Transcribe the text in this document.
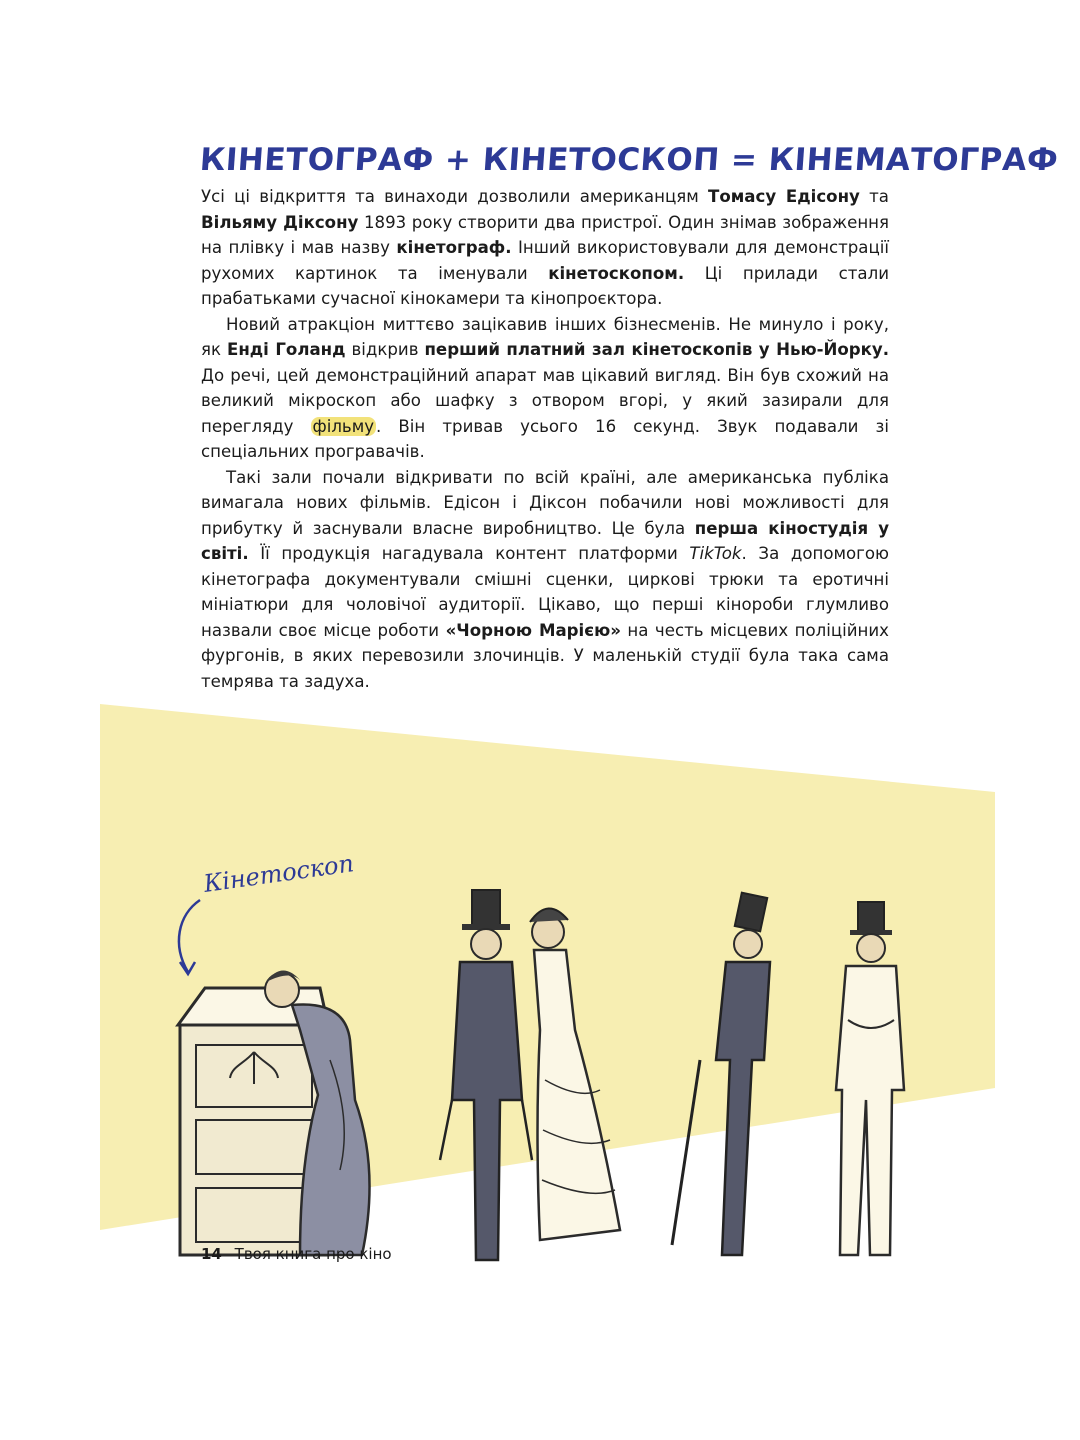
КІНЕТОГРАФ + КІНЕТОСКОП = КІНЕМАТОГРАФ

Усі ці відкриття та винаходи дозволили американцям Томасу Едісону та Вільяму Діксону 1893 року створити два пристрої. Один знімав зображення на плівку і мав назву кінетограф. Інший використовували для демонстрації рухомих картинок та іменували кінетоскопом. Ці прилади стали прабатьками сучасної кінокамери та кінопроєктора.

Новий атракціон миттєво зацікавив інших бізнесменів. Не минуло і року, як Енді Голанд відкрив перший платний зал кінетоскопів у Нью-Йорку. До речі, цей демонстраційний апарат мав цікавий вигляд. Він був схожий на великий мікроскоп або шафку з отвором вгорі, у який зазирали для перегляду фільму . Він тривав усього 16 секунд. Звук подавали зі спеціальних програвачів.

Такі зали почали відкривати по всій країні, але американська публіка вимагала нових фільмів. Едісон і Діксон побачили нові можливості для прибутку й заснували власне виробництво. Це була перша кіностудія у світі. Її продукція нагадувала контент платформи TikTok. За допомогою кінетографа документували смішні сценки, циркові трюки та еротичні мініатюри для чоловічої аудиторії. Цікаво, що перші кінороби глумливо назвали своє місце роботи «Чорною Марією» на честь місцевих поліційних фургонів, в яких перевозили злочинців. У маленькій студії була така сама темрява та задуха.

Кінетоскоп
14 Твоя книга про кіно
